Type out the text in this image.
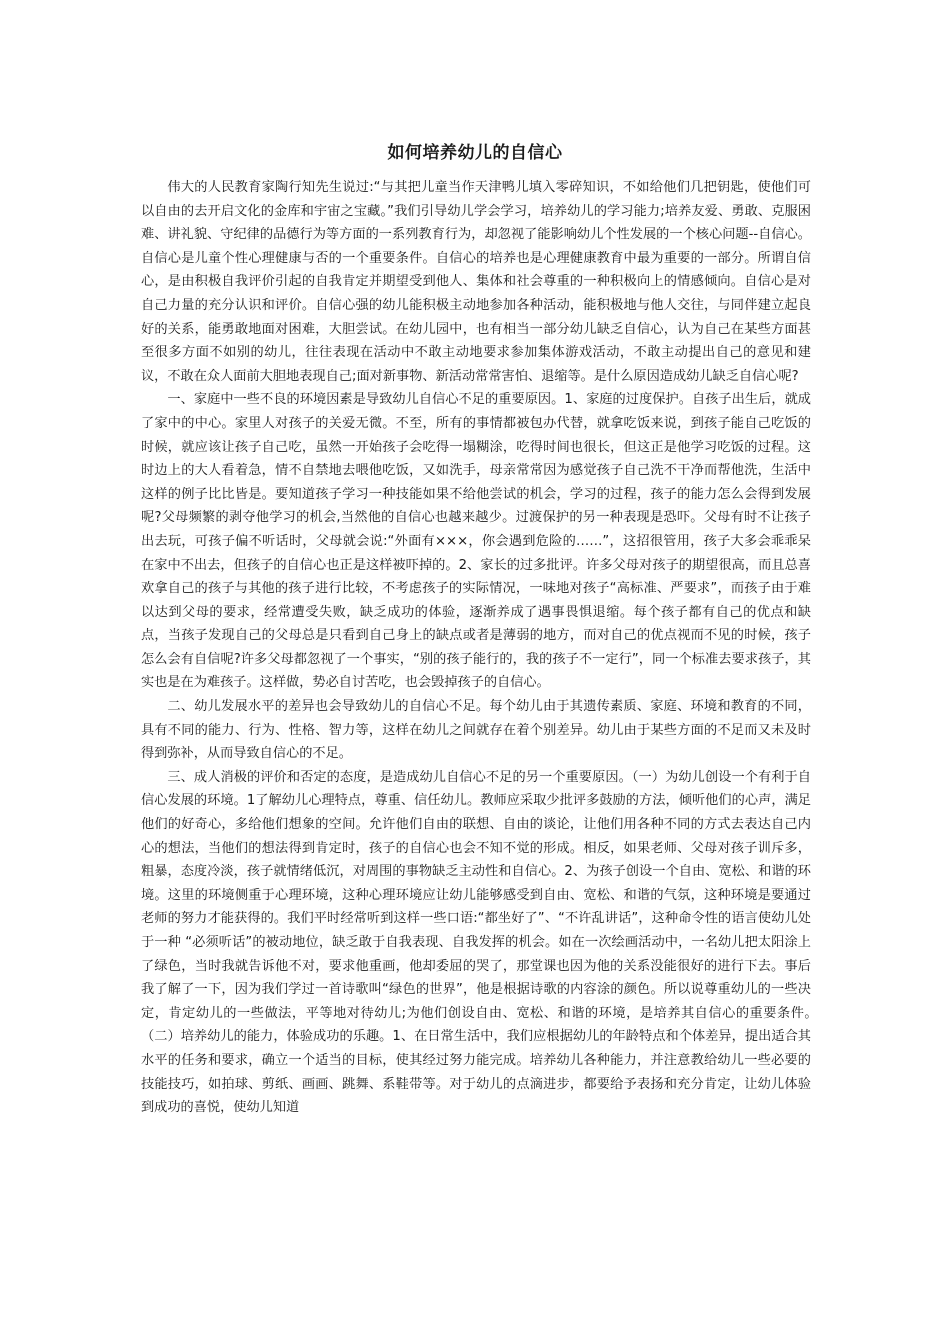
如何培养幼儿的自信心

伟大的人民教育家陶行知先生说过:“与其把儿童当作天津鸭儿填入零碎知识，不如给他们几把钥匙，使他们可以自由的去开启文化的金库和宇宙之宝藏。”我们引导幼儿学会学习，培养幼儿的学习能力;培养友爱、勇敢、克服困难、讲礼貌、守纪律的品德行为等方面的一系列教育行为，却忽视了能影响幼儿个性发展的一个核心问题--自信心。自信心是儿童个性心理健康与否的一个重要条件。自信心的培养也是心理健康教育中最为重要的一部分。所谓自信心，是由积极自我评价引起的自我肯定并期望受到他人、集体和社会尊重的一种积极向上的情感倾向。自信心是对自己力量的充分认识和评价。自信心强的幼儿能积极主动地参加各种活动，能积极地与他人交往，与同伴建立起良好的关系，能勇敢地面对困难，大胆尝试。在幼儿园中，也有相当一部分幼儿缺乏自信心，认为自己在某些方面甚至很多方面不如别的幼儿，往往表现在活动中不敢主动地要求参加集体游戏活动，不敢主动提出自己的意见和建议，不敢在众人面前大胆地表现自己;面对新事物、新活动常常害怕、退缩等。是什么原因造成幼儿缺乏自信心呢?

一、家庭中一些不良的环境因素是导致幼儿自信心不足的重要原因。1、家庭的过度保护。自孩子出生后，就成了家中的中心。家里人对孩子的关爱无微。不至，所有的事情都被包办代替，就拿吃饭来说，到孩子能自己吃饭的时候，就应该让孩子自己吃，虽然一开始孩子会吃得一塌糊涂，吃得时间也很长，但这正是他学习吃饭的过程。这时边上的大人看着急，情不自禁地去喂他吃饭，又如洗手，母亲常常因为感觉孩子自己洗不干净而帮他洗，生活中这样的例子比比皆是。要知道孩子学习一种技能如果不给他尝试的机会，学习的过程，孩子的能力怎么会得到发展呢?父母频繁的剥夺他学习的机会,当然他的自信心也越来越少。过渡保护的另一种表现是恐吓。父母有时不让孩子出去玩，可孩子偏不听话时，父母就会说:“外面有×××，你会遇到危险的……”，这招很管用，孩子大多会乖乖呆在家中不出去，但孩子的自信心也正是这样被吓掉的。2、家长的过多批评。许多父母对孩子的期望很高，而且总喜欢拿自己的孩子与其他的孩子进行比较，不考虑孩子的实际情况，一味地对孩子“高标准、严要求”，而孩子由于难以达到父母的要求，经常遭受失败，缺乏成功的体验，逐渐养成了遇事畏惧退缩。每个孩子都有自己的优点和缺点，当孩子发现自己的父母总是只看到自己身上的缺点或者是薄弱的地方，而对自己的优点视而不见的时候，孩子怎么会有自信呢?许多父母都忽视了一个事实，“别的孩子能行的，我的孩子不一定行”，同一个标准去要求孩子，其实也是在为难孩子。这样做，势必自讨苦吃，也会毁掉孩子的自信心。

二、幼儿发展水平的差异也会导致幼儿的自信心不足。每个幼儿由于其遗传素质、家庭、环境和教育的不同，具有不同的能力、行为、性格、智力等，这样在幼儿之间就存在着个别差异。幼儿由于某些方面的不足而又未及时得到弥补，从而导致自信心的不足。

三、成人消极的评价和否定的态度，是造成幼儿自信心不足的另一个重要原因。（一）为幼儿创设一个有利于自信心发展的环境。1了解幼儿心理特点，尊重、信任幼儿。教师应采取少批评多鼓励的方法，倾听他们的心声，满足他们的好奇心，多给他们想象的空间。允许他们自由的联想、自由的谈论，让他们用各种不同的方式去表达自己内心的想法，当他们的想法得到肯定时，孩子的自信心也会不知不觉的形成。相反，如果老师、父母对孩子训斥多，粗暴，态度冷淡，孩子就情绪低沉，对周围的事物缺乏主动性和自信心。2、为孩子创设一个自由、宽松、和谐的环境。这里的环境侧重于心理环境，这种心理环境应让幼儿能够感受到自由、宽松、和谐的气氛，这种环境是要通过老师的努力才能获得的。我们平时经常听到这样一些口语:“都坐好了”、“不许乱讲话”，这种命令性的语言使幼儿处于一种 “必须听话”的被动地位，缺乏敢于自我表现、自我发挥的机会。如在一次绘画活动中，一名幼儿把太阳涂上了绿色，当时我就告诉他不对，要求他重画，他却委屈的哭了，那堂课也因为他的关系没能很好的进行下去。事后我了解了一下，因为我们学过一首诗歌叫“绿色的世界”，他是根据诗歌的内容涂的颜色。所以说尊重幼儿的一些决定，肯定幼儿的一些做法，平等地对待幼儿;为他们创设自由、宽松、和谐的环境，是培养其自信心的重要条件。　（二）培养幼儿的能力，体验成功的乐趣。1、在日常生活中，我们应根据幼儿的年龄特点和个体差异，提出适合其水平的任务和要求，确立一个适当的目标，使其经过努力能完成。培养幼儿各种能力，并注意教给幼儿一些必要的技能技巧，如拍球、剪纸、画画、跳舞、系鞋带等。对于幼儿的点滴进步，都要给予表扬和充分肯定，让幼儿体验到成功的喜悦，使幼儿知道
